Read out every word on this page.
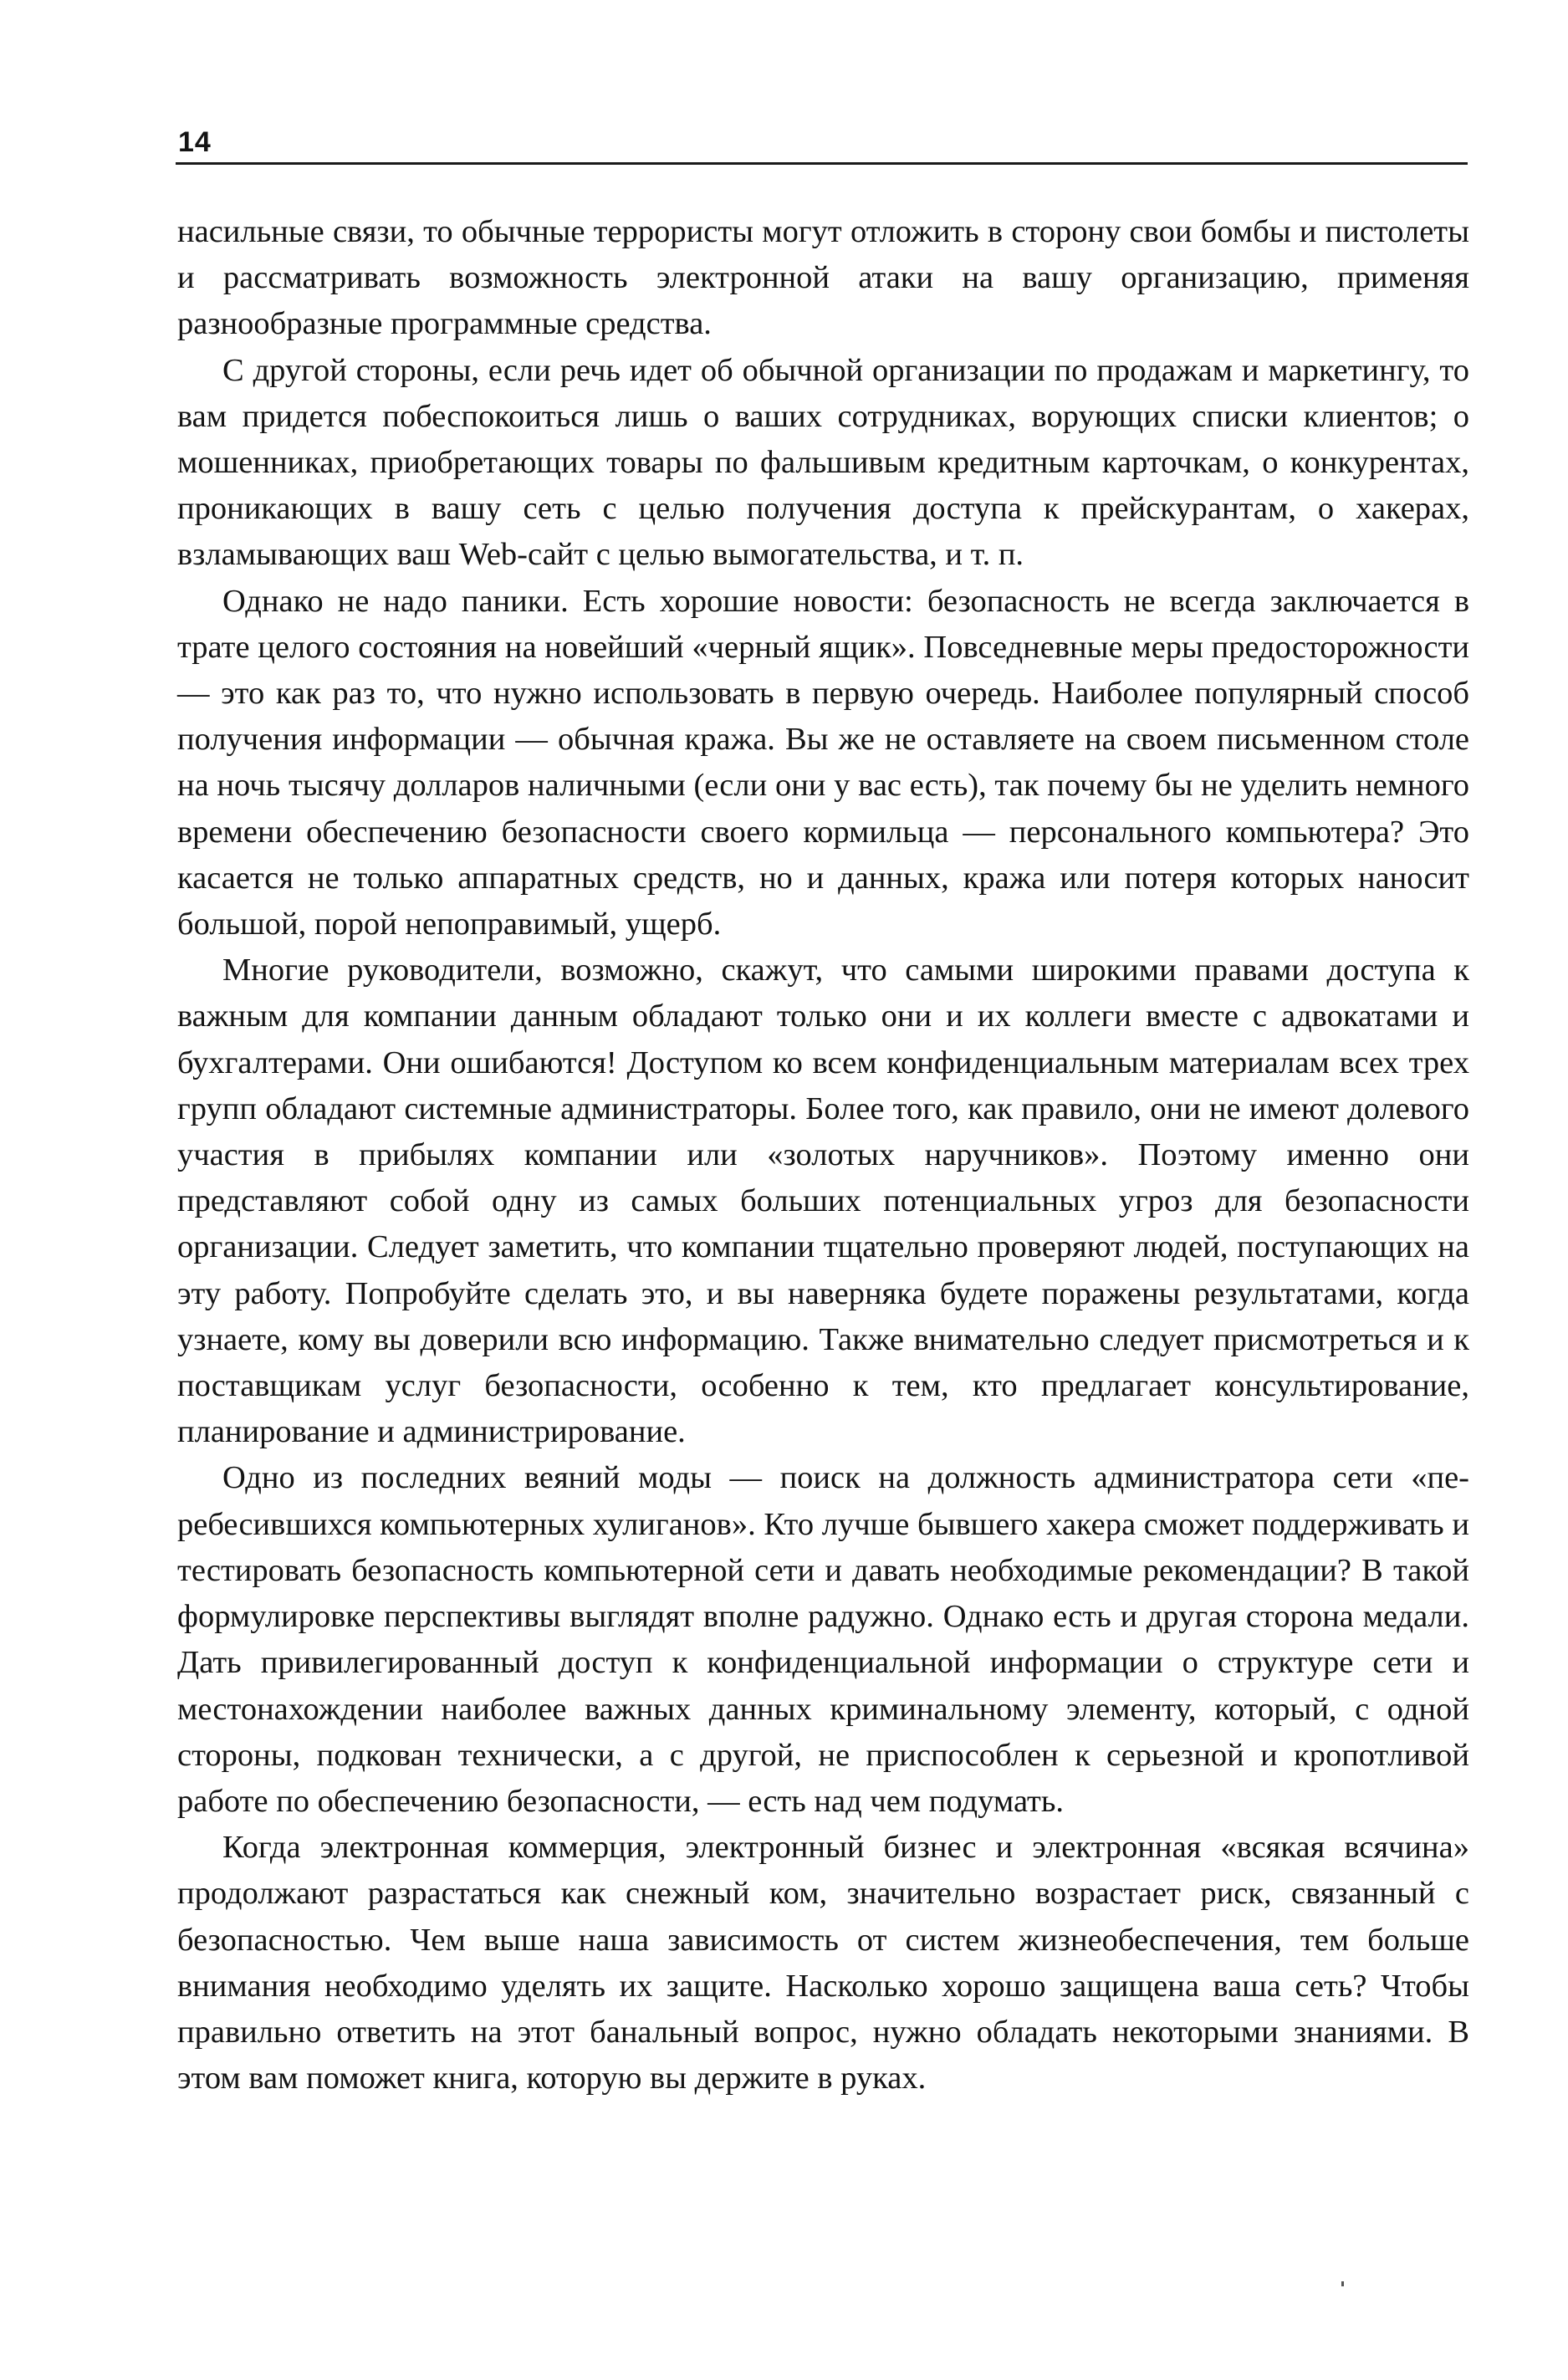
14

насильные связи, то обычные террористы могут отложить в сторону свои бомбы и пистолеты и рассматривать возможность электронной атаки на вашу организацию, применяя разнообразные программные средства.

С другой стороны, если речь идет об обычной организации по продажам и маркетингу, то вам придется побеспокоиться лишь о ваших сотрудниках, ворующих списки клиентов; о мошенниках, приобретающих товары по фальшивым кредитным карточкам, о конкурентах, проникающих в вашу сеть с целью получения доступа к прейскурантам, о хакерах, взламывающих ваш Web-сайт с целью вымогательства, и т. п.

Однако не надо паники. Есть хорошие новости: безопасность не всегда заключается в трате целого состояния на новейший «черный ящик». Повседневные меры предосторожности — это как раз то, что нужно использовать в первую очередь. Наиболее популярный способ получения информации — обычная кража. Вы же не оставляете на своем письменном столе на ночь тысячу долларов наличными (если они у вас есть), так почему бы не уделить немного времени обеспечению безопасности своего кормильца — персонального компьютера? Это касается не только аппаратных средств, но и данных, кража или потеря которых наносит большой, порой непоправимый, ущерб.

Многие руководители, возможно, скажут, что самыми широкими правами доступа к важным для компании данным обладают только они и их коллеги вместе с адвокатами и бухгалтерами. Они ошибаются! Доступом ко всем конфиденциальным материалам всех трех групп обладают системные администраторы. Более того, как правило, они не имеют долевого участия в прибылях компании или «золотых наручников». Поэтому именно они представляют собой одну из самых больших потенциальных угроз для безопасности организации. Следует заметить, что компании тщательно проверяют людей, поступающих на эту работу. Попробуйте сделать это, и вы наверняка будете поражены результатами, когда узнаете, кому вы доверили всю информацию. Также внимательно следует присмотреться и к поставщикам услуг безопасности, особенно к тем, кто предлагает консультирование, планирование и администрирование.

Одно из последних веяний моды — поиск на должность администратора сети «перебесившихся компьютерных хулиганов». Кто лучше бывшего хакера сможет поддерживать и тестировать безопасность компьютерной сети и давать необходимые рекомендации? В такой формулировке перспективы выглядят вполне радужно. Однако есть и другая сторона медали. Дать привилегированный доступ к конфиденциальной информации о структуре сети и местонахождении наиболее важных данных криминальному элементу, который, с одной стороны, подкован технически, а с другой, не приспособлен к серьезной и кропотливой работе по обеспечению безопасности, — есть над чем подумать.

Когда электронная коммерция, электронный бизнес и электронная «всякая всячина» продолжают разрастаться как снежный ком, значительно возрастает риск, связанный с безопасностью. Чем выше наша зависимость от систем жизнеобеспечения, тем больше внимания необходимо уделять их защите. Насколько хорошо защищена ваша сеть? Чтобы правильно ответить на этот банальный вопрос, нужно обладать некоторыми знаниями. В этом вам поможет книга, которую вы держите в руках.
